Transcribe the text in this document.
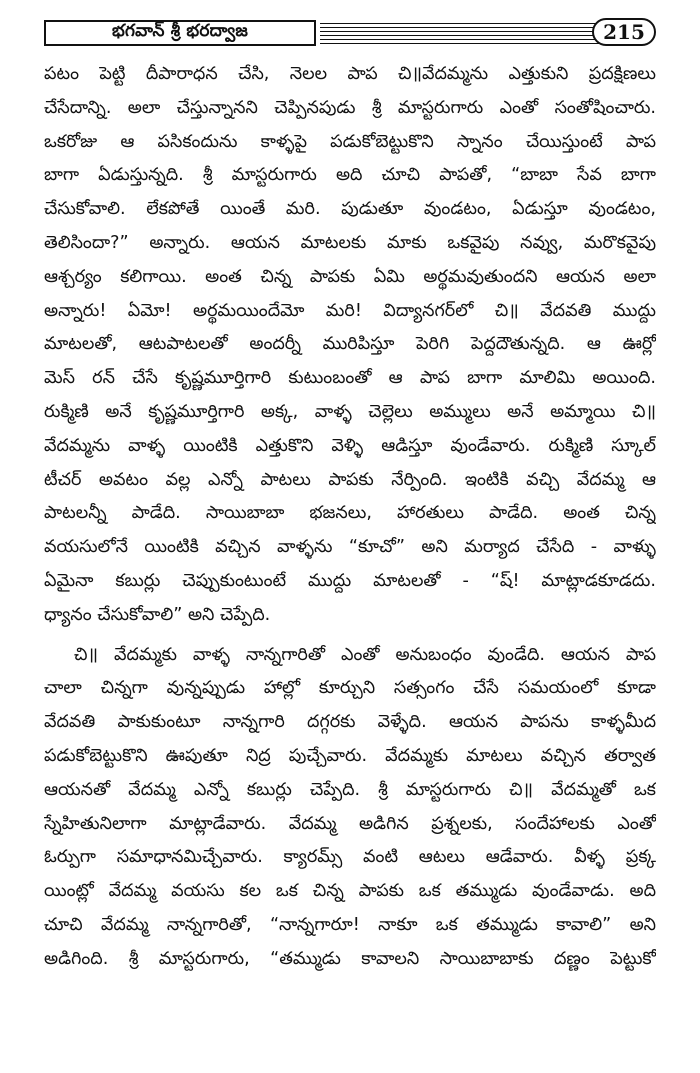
భగవాన్ శ్రీ భరద్వాజ	215
పటం పెట్టి దీపారాధన చేసి, నెలల పాప చి॥వేదమ్మను ఎత్తుకుని ప్రదక్షిణలు
చేసేదాన్ని. అలా చేస్తున్నానని చెప్పినపుడు శ్రీ మాస్టరుగారు ఎంతో సంతోషించారు.
ఒకరోజు ఆ పసికందును కాళ్ళపై పడుకోబెట్టుకొని స్నానం చేయిస్తుంటే పాప
బాగా ఏడుస్తున్నది. శ్రీ మాస్టరుగారు అది చూచి పాపతో, “బాబా సేవ బాగా
చేసుకోవాలి. లేకపోతే యింతే మరి. పుడుతూ వుండటం, ఏడుస్తూ వుండటం,
తెలిసిందా?” అన్నారు. ఆయన మాటలకు మాకు ఒకవైపు నవ్వు, మరొకవైపు
ఆశ్చర్యం కలిగాయి. అంత చిన్న పాపకు ఏమి అర్థమవుతుందని ఆయన అలా
అన్నారు! ఏమో! అర్థమయిందేమో మరి! విద్యానగర్‌లో చి॥ వేదవతి ముద్దు
మాటలతో, ఆటపాటలతో అందర్నీ మురిపిస్తూ పెరిగి పెద్దదౌతున్నది. ఆ ఊర్లో
మెస్ రన్ చేసే కృష్ణమూర్తిగారి కుటుంబంతో ఆ పాప బాగా మాలిమి అయింది.
రుక్మిణి అనే కృష్ణమూర్తిగారి అక్క, వాళ్ళ చెల్లెలు అమ్ములు అనే అమ్మాయి చి॥
వేదమ్మను వాళ్ళ యింటికి ఎత్తుకొని వెళ్ళి ఆడిస్తూ వుండేవారు. రుక్మిణి స్కూల్
టీచర్ అవటం వల్ల ఎన్నో పాటలు పాపకు నేర్పింది. ఇంటికి వచ్చి వేదమ్మ ఆ
పాటలన్నీ పాడేది. సాయిబాబా భజనలు, హారతులు పాడేది. అంత చిన్న
వయసులోనే యింటికి వచ్చిన వాళ్ళను “కూచో” అని మర్యాద చేసేది - వాళ్ళు
ఏమైనా కబుర్లు చెప్పుకుంటుంటే ముద్దు మాటలతో - “ష్! మాట్లాడకూడదు.
ధ్యానం చేసుకోవాలి” అని చెప్పేది.
చి॥ వేదమ్మకు వాళ్ళ నాన్నగారితో ఎంతో అనుబంధం వుండేది. ఆయన పాప
చాలా చిన్నగా వున్నప్పుడు హాల్లో కూర్చుని సత్సంగం చేసే సమయంలో కూడా
వేదవతి పాకుకుంటూ నాన్నగారి దగ్గరకు వెళ్ళేది. ఆయన పాపను కాళ్ళమీద
పడుకోబెట్టుకొని ఊపుతూ నిద్ర పుచ్చేవారు. వేదమ్మకు మాటలు వచ్చిన తర్వాత
ఆయనతో వేదమ్మ ఎన్నో కబుర్లు చెప్పేది. శ్రీ మాస్టరుగారు చి॥ వేదమ్మతో ఒక
స్నేహితునిలాగా మాట్లాడేవారు. వేదమ్మ అడిగిన ప్రశ్నలకు, సందేహాలకు ఎంతో
ఓర్పుగా సమాధానమిచ్చేవారు. క్యారమ్స్ వంటి ఆటలు ఆడేవారు. వీళ్ళ ప్రక్క
యింట్లో వేదమ్మ వయసు కల ఒక చిన్న పాపకు ఒక తమ్ముడు వుండేవాడు. అది
చూచి వేదమ్మ నాన్నగారితో, “నాన్నగారూ! నాకూ ఒక తమ్ముడు కావాలి” అని
అడిగింది. శ్రీ మాస్టరుగారు, “తమ్ముడు కావాలని సాయిబాబాకు దణ్ణం పెట్టుకో
